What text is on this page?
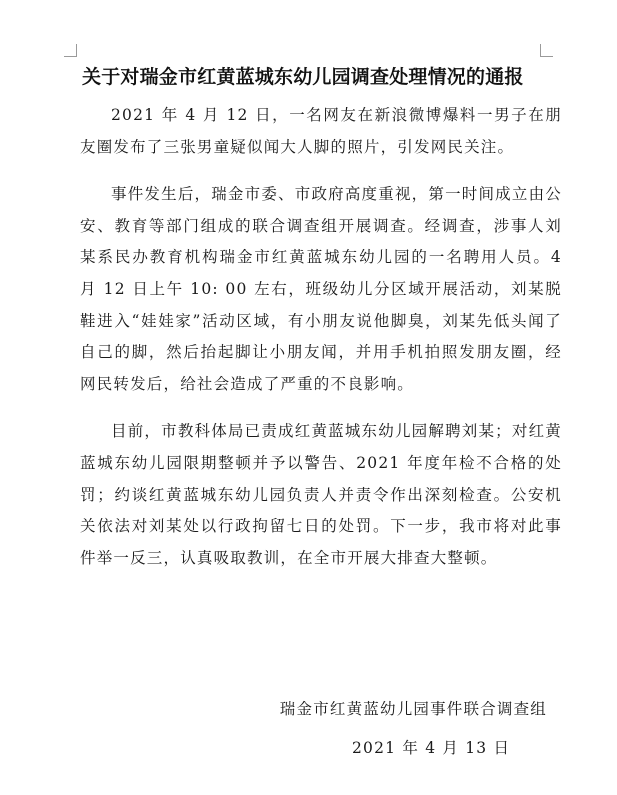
关于对瑞金市红黄蓝城东幼儿园调查处理情况的通报

2021 年 4 月 12 日，一名网友在新浪微博爆料一男子在朋友圈发布了三张男童疑似闻大人脚的照片，引发网民关注。

事件发生后，瑞金市委、市政府高度重视，第一时间成立由公安、教育等部门组成的联合调查组开展调查。经调查，涉事人刘某系民办教育机构瑞金市红黄蓝城东幼儿园的一名聘用人员。4 月 12 日上午 10: 00 左右，班级幼儿分区域开展活动，刘某脱鞋进入“娃娃家”活动区域，有小朋友说他脚臭，刘某先低头闻了自己的脚，然后抬起脚让小朋友闻，并用手机拍照发朋友圈，经网民转发后，给社会造成了严重的不良影响。

目前，市教科体局已责成红黄蓝城东幼儿园解聘刘某；对红黄蓝城东幼儿园限期整顿并予以警告、2021 年度年检不合格的处罚；约谈红黄蓝城东幼儿园负责人并责令作出深刻检查。公安机关依法对刘某处以行政拘留七日的处罚。下一步，我市将对此事件举一反三，认真吸取教训，在全市开展大排查大整顿。

瑞金市红黄蓝幼儿园事件联合调查组
2021 年 4 月 13 日
